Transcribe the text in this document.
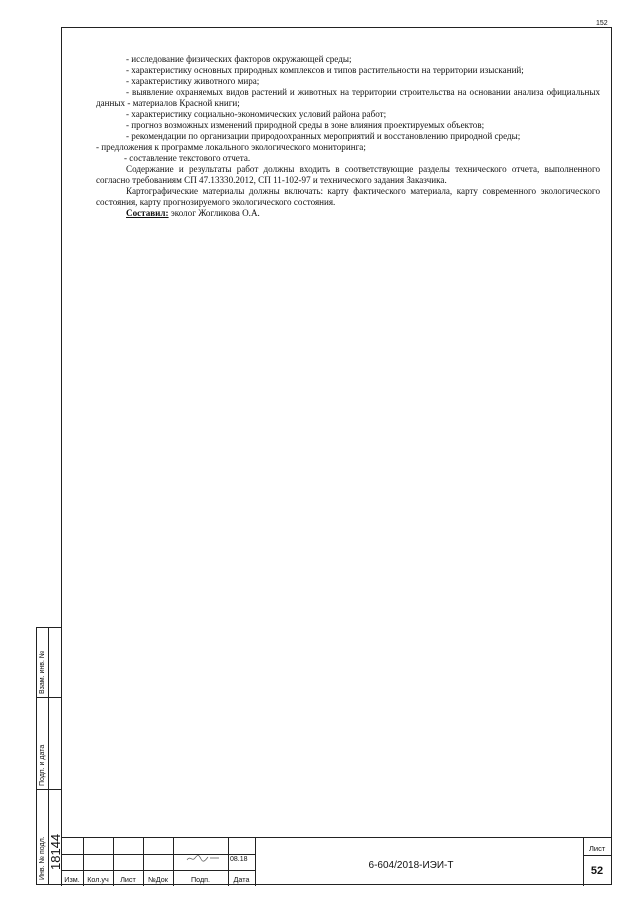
152

- исследование физических факторов окружающей среды;

- характеристику основных природных комплексов и типов растительности на территории изысканий;

- характеристику животного мира;

- выявление охраняемых видов растений и животных на территории строительства на основании анализа официальных данных - материалов Красной книги;

- характеристику социально-экономических условий района работ;

- прогноз возможных изменений природной среды в зоне влияния проектируемых объектов;

- рекомендации по организации природоохранных мероприятий и восстановлению природной среды;

- предложения к программе локального экологического мониторинга;

- составление текстового отчета.

Содержание и результаты работ должны входить в соответствующие разделы технического отчета, выполненного согласно требованиям СП 47.13330.2012, СП 11-102-97 и технического задания Заказчика.

Картографические материалы должны включать: карту фактического материала, карту современного экологического состояния, карту прогнозируемого экологического состояния.

Составил: эколог Жогликова О.А.

Взам. инв. №
Подп. и дата
Инв. № подл. 18144
Изм.	Кол.уч	Лист	№Док	Подп.	Дата
08.18
6-604/2018-ИЭИ-Т
Лист
52
